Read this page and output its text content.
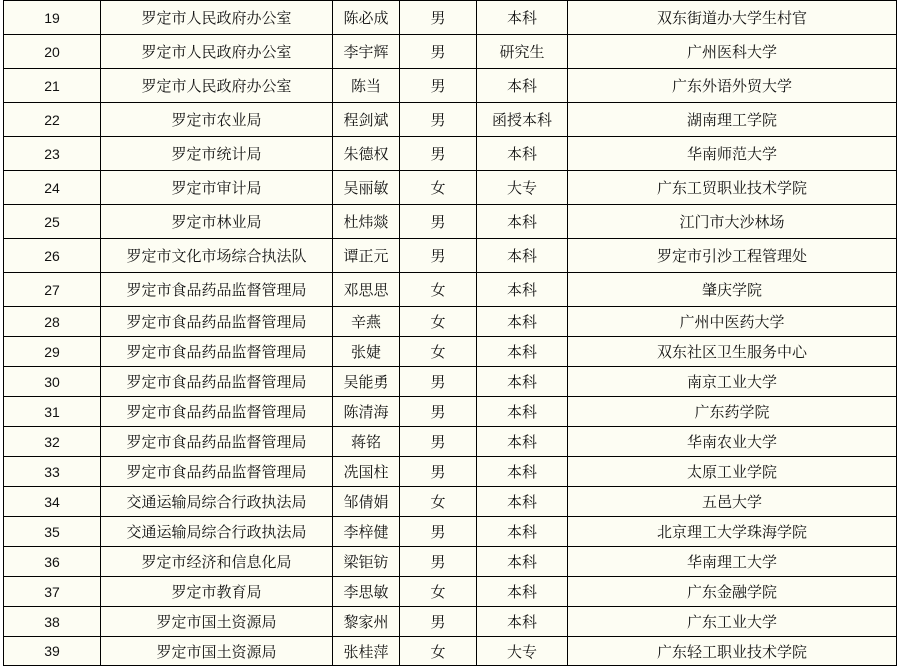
19	罗定市人民政府办公室	陈必成	男	本科	双东街道办大学生村官
20	罗定市人民政府办公室	李宇辉	男	研究生	广州医科大学
21	罗定市人民政府办公室	陈当	男	本科	广东外语外贸大学
22	罗定市农业局	程剑斌	男	函授本科	湖南理工学院
23	罗定市统计局	朱德权	男	本科	华南师范大学
24	罗定市审计局	吴丽敏	女	大专	广东工贸职业技术学院
25	罗定市林业局	杜炜燚	男	本科	江门市大沙林场
26	罗定市文化市场综合执法队	谭正元	男	本科	罗定市引沙工程管理处
27	罗定市食品药品监督管理局	邓思思	女	本科	肇庆学院
28	罗定市食品药品监督管理局	辛燕	女	本科	广州中医药大学
29	罗定市食品药品监督管理局	张婕	女	本科	双东社区卫生服务中心
30	罗定市食品药品监督管理局	吴能勇	男	本科	南京工业大学
31	罗定市食品药品监督管理局	陈清海	男	本科	广东药学院
32	罗定市食品药品监督管理局	蒋铭	男	本科	华南农业大学
33	罗定市食品药品监督管理局	冼国柱	男	本科	太原工业学院
34	交通运输局综合行政执法局	邹倩娟	女	本科	五邑大学
35	交通运输局综合行政执法局	李梓健	男	本科	北京理工大学珠海学院
36	罗定市经济和信息化局	梁钜钫	男	本科	华南理工大学
37	罗定市教育局	李思敏	女	本科	广东金融学院
38	罗定市国土资源局	黎家州	男	本科	广东工业大学
39	罗定市国土资源局	张桂萍	女	大专	广东轻工职业技术学院
